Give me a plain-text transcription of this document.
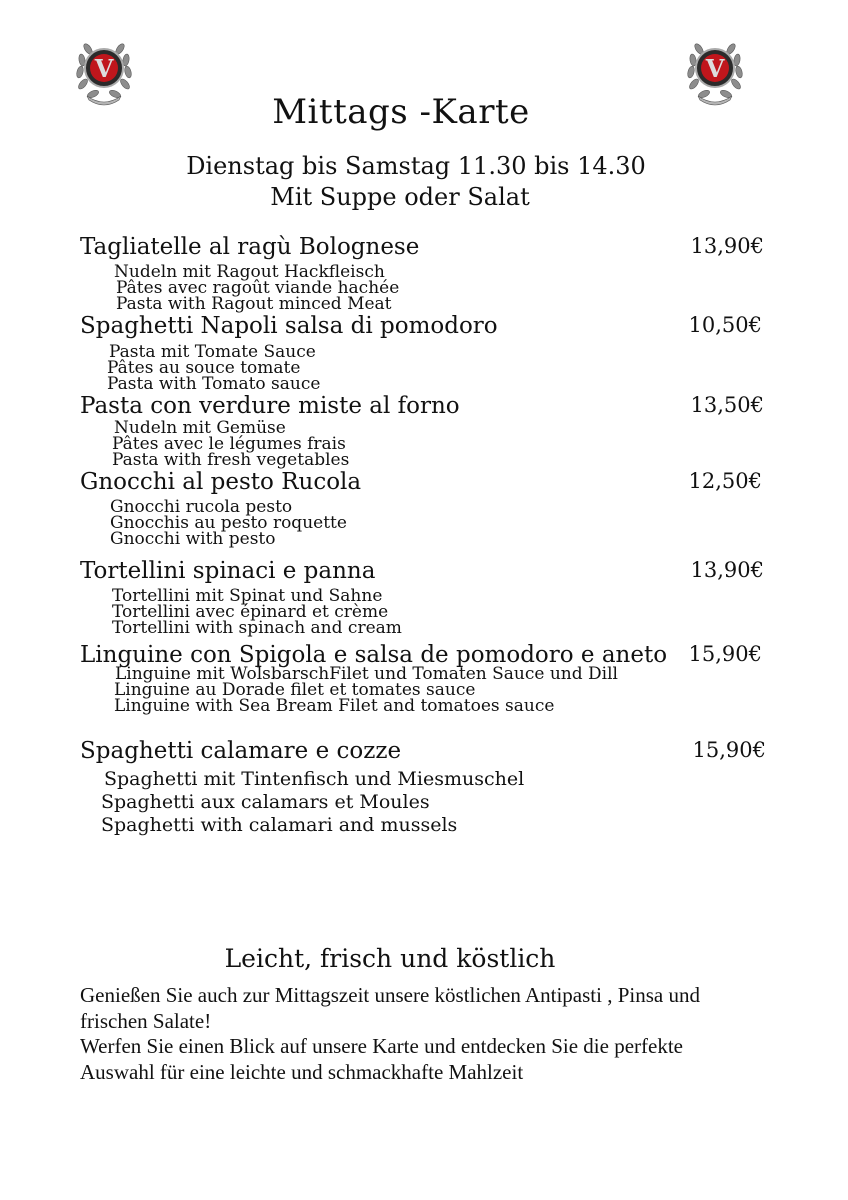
V	V
Mittags -Karte
Dienstag bis Samstag 11.30 bis 14.30
Mit Suppe oder Salat
Tagliatelle al ragù Bolognese	13,90€
Nudeln mit Ragout Hackfleisch
Pâtes avec ragoût viande hachée
Pasta with Ragout minced Meat
Spaghetti Napoli salsa di pomodoro	10,50€
Pasta mit Tomate Sauce
Pâtes au souce tomate
Pasta with Tomato sauce
Pasta con verdure miste al forno	13,50€
Nudeln mit Gemüse
Pâtes avec le légumes frais
Pasta with fresh vegetables
Gnocchi al pesto Rucola	12,50€
Gnocchi rucola pesto
Gnocchis au pesto roquette
Gnocchi with pesto
Tortellini spinaci e panna	13,90€
Tortellini mit Spinat und Sahne
Tortellini avec épinard et crème
Tortellini with spinach and cream
Linguine con Spigola e salsa de pomodoro e aneto 15,90€
Linguine mit WolsbarschFilet und Tomaten Sauce und Dill
Linguine au Dorade filet et tomates sauce
Linguine with Sea Bream Filet and tomatoes sauce
Spaghetti calamare e cozze	15,90€
Spaghetti mit Tintenfisch und Miesmuschel
Spaghetti aux calamars et Moules
Spaghetti with calamari and mussels
Leicht, frisch und köstlich
Genießen Sie auch zur Mittagszeit unsere köstlichen Antipasti , Pinsa und
frischen Salate!
Werfen Sie einen Blick auf unsere Karte und entdecken Sie die perfekte
Auswahl für eine leichte und schmackhafte Mahlzeit
